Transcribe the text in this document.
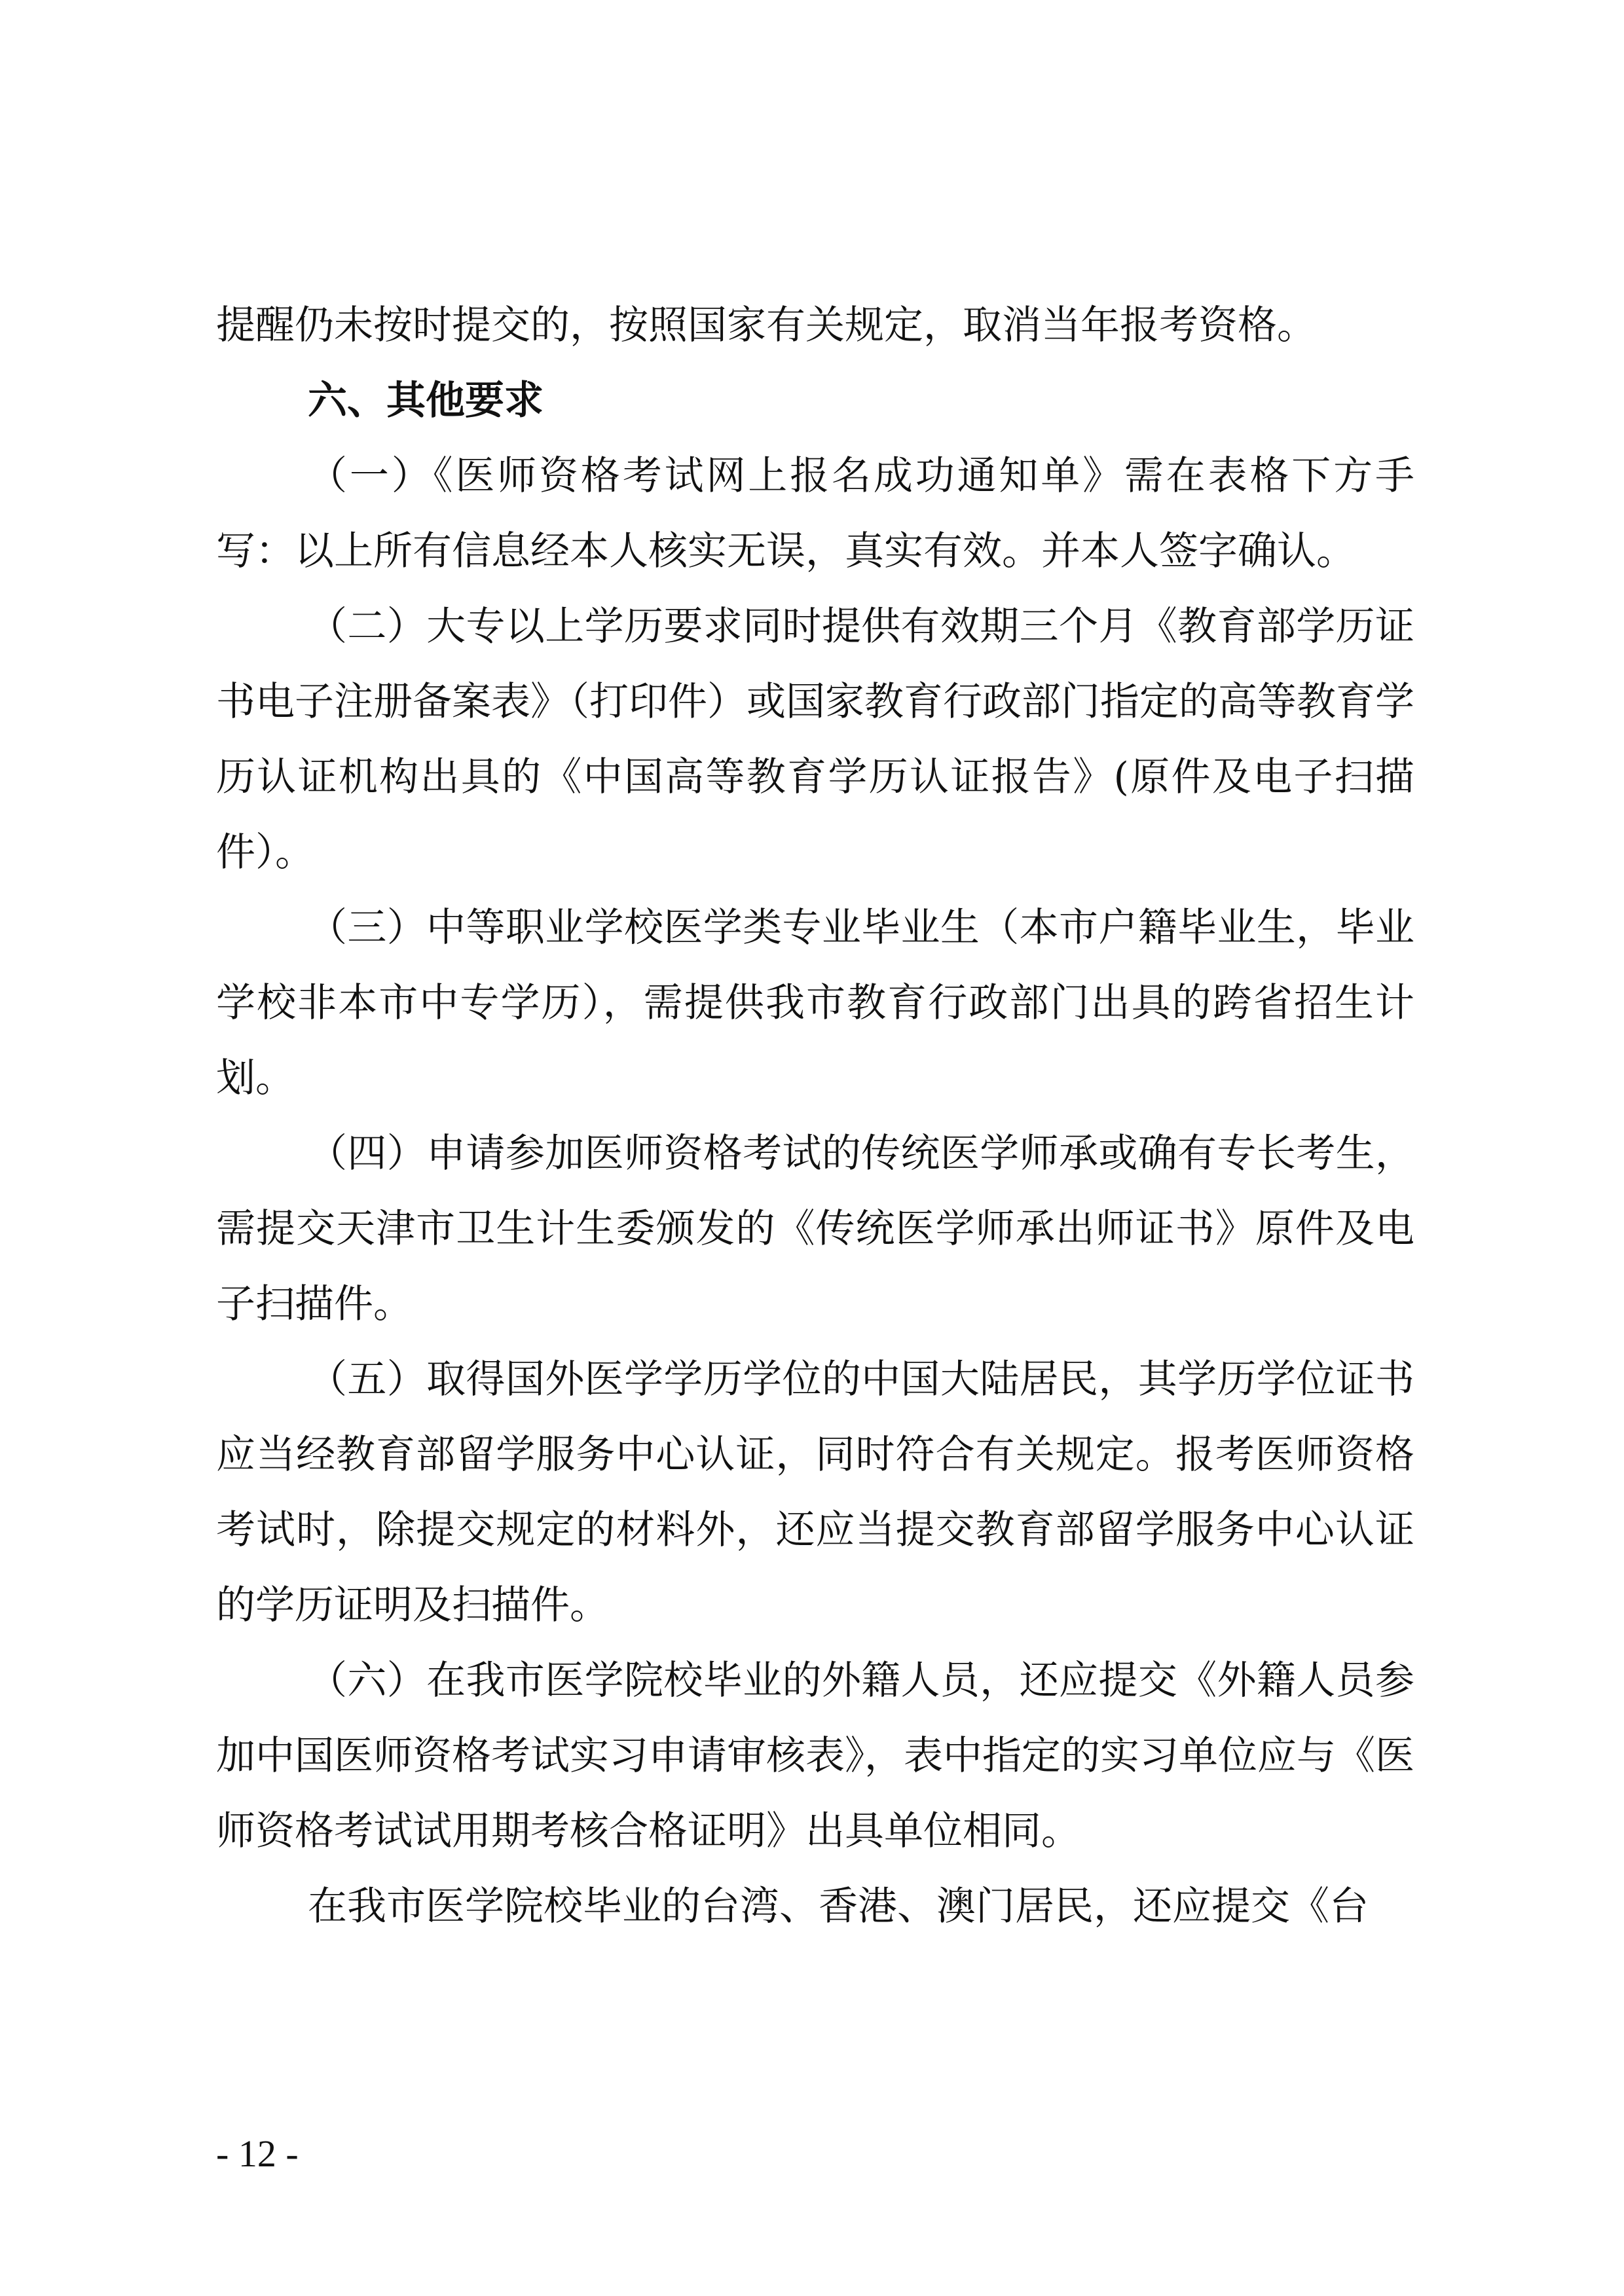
提醒仍未按时提交的，按照国家有关规定，取消当年报考资格。

六、其他要求

（一）《医师资格考试网上报名成功通知单》需在表格下方手写：以上所有信息经本人核实无误，真实有效。并本人签字确认。

（二）大专以上学历要求同时提供有效期三个月《教育部学历证书电子注册备案表》（打印件）或国家教育行政部门指定的高等教育学历认证机构出具的《中国高等教育学历认证报告》(原件及电子扫描件）。

（三）中等职业学校医学类专业毕业生（本市户籍毕业生，毕业学校非本市中专学历），需提供我市教育行政部门出具的跨省招生计划。

（四）申请参加医师资格考试的传统医学师承或确有专长考生，需提交天津市卫生计生委颁发的《传统医学师承出师证书》原件及电子扫描件。

（五）取得国外医学学历学位的中国大陆居民，其学历学位证书应当经教育部留学服务中心认证，同时符合有关规定。报考医师资格考试时，除提交规定的材料外，还应当提交教育部留学服务中心认证的学历证明及扫描件。

（六）在我市医学院校毕业的外籍人员，还应提交《外籍人员参加中国医师资格考试实习申请审核表》，表中指定的实习单位应与《医师资格考试试用期考核合格证明》出具单位相同。

在我市医学院校毕业的台湾、香港、澳门居民，还应提交《台

- 12 -
